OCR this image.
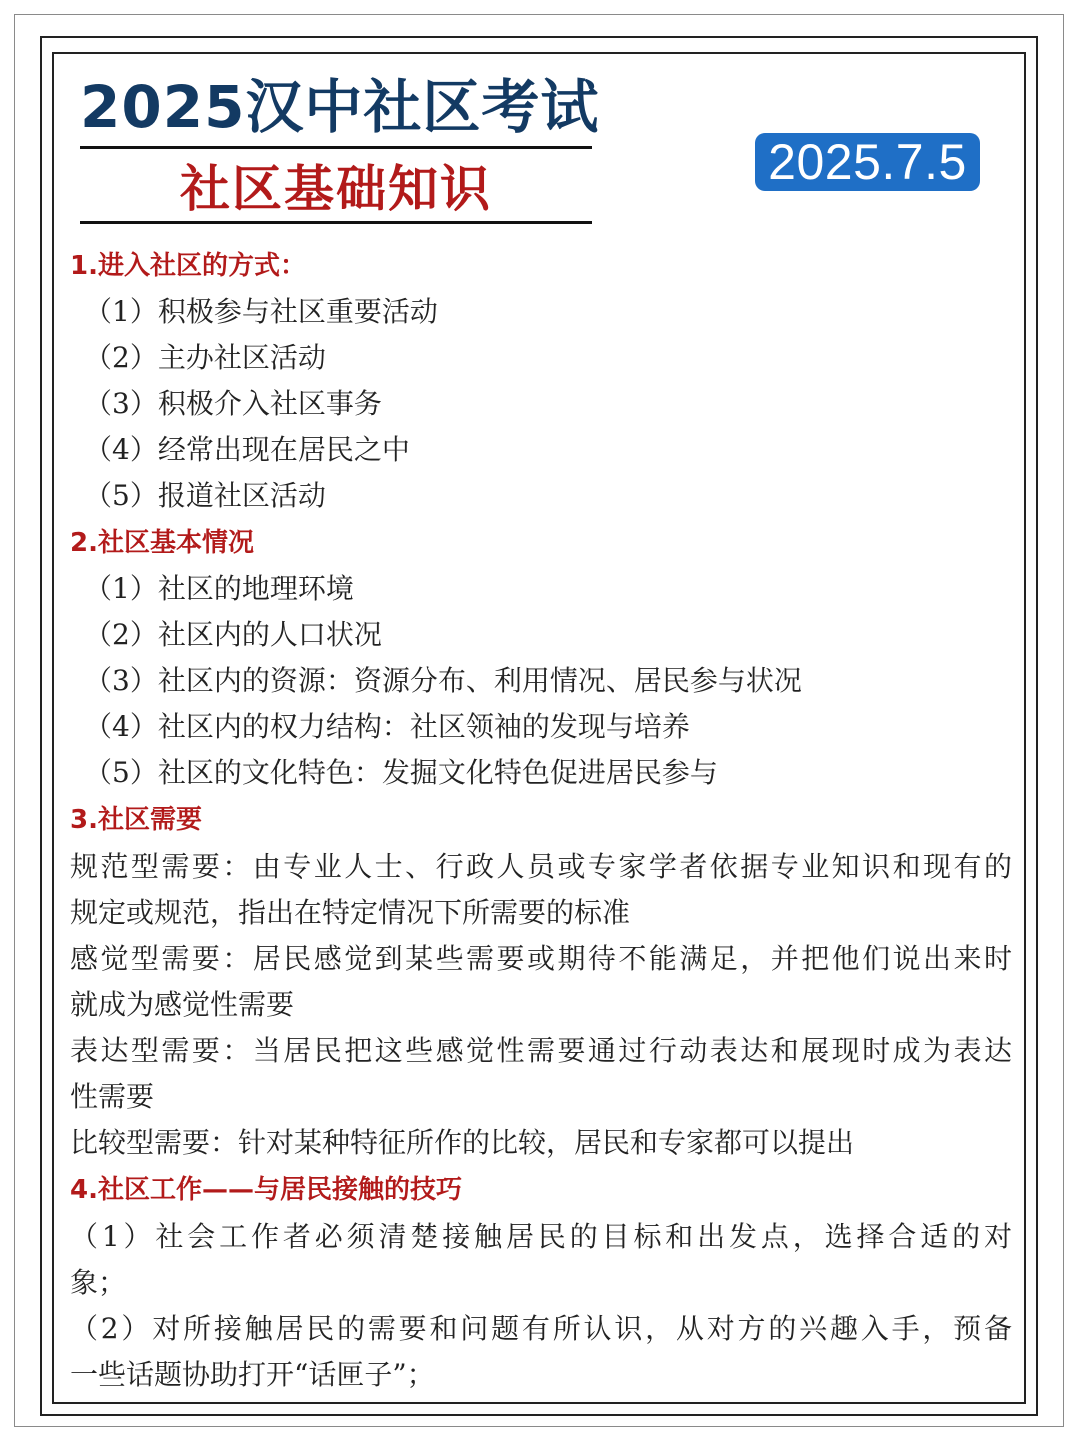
2025汉中社区考试
社区基础知识	2025.7.5
1.进入社区的方式：
（1）积极参与社区重要活动
（2）主办社区活动
（3）积极介入社区事务
（4）经常出现在居民之中
（5）报道社区活动
2.社区基本情况
（1）社区的地理环境
（2）社区内的人口状况
（3）社区内的资源：资源分布、利用情况、居民参与状况
（4）社区内的权力结构：社区领袖的发现与培养
（5）社区的文化特色：发掘文化特色促进居民参与
3.社区需要
规范型需要：由专业人士、行政人员或专家学者依据专业知识和现有的
规定或规范，指出在特定情况下所需要的标准
感觉型需要：居民感觉到某些需要或期待不能满足，并把他们说出来时
就成为感觉性需要
表达型需要：当居民把这些感觉性需要通过行动表达和展现时成为表达
性需要
比较型需要：针对某种特征所作的比较，居民和专家都可以提出
4.社区工作——与居民接触的技巧
（1）社会工作者必须清楚接触居民的目标和出发点，选择合适的对
象；
（2）对所接触居民的需要和问题有所认识，从对方的兴趣入手，预备
一些话题协助打开“话匣子”；
